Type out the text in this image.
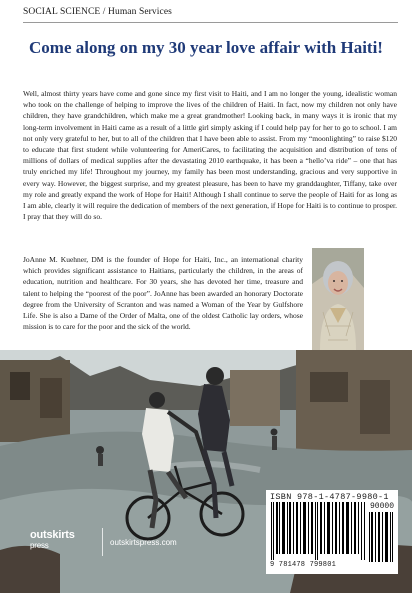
SOCIAL SCIENCE / Human Services
Come along on my 30 year love affair with Haiti!
Well, almost thirty years have come and gone since my first visit to Haiti, and I am no longer the young, idealistic woman who took on the challenge of helping to improve the lives of the children of Haiti. In fact, now my children not only have children, they have grandchildren, which make me a great grandmother! Looking back, in many ways it is ironic that my long-term involvement in Haiti came as a result of a little girl simply asking if I could help pay for her to go to school. I am not only very grateful to her, but to all of the children that I have been able to assist. From my “moonlighting” to raise $120 to educate that first student while volunteering for AmeriCares, to facilitating the acquisition and distribution of tens of millions of dollars of medical supplies after the devastating 2010 earthquake, it has been a “hello’va ride” – one that has truly enriched my life! Throughout my journey, my family has been most understanding, gracious and very supportive in every way. However, the biggest surprise, and my greatest pleasure, has been to have my granddaughter, Tiffany, take over my role and greatly expand the work of Hope for Haiti! Although I shall continue to serve the people of Haiti for as long as I am able, clearly it will require the dedication of members of the next generation, if Hope for Haiti is to continue to prosper. I pray that they will do so.
JoAnne M. Kuehner, DM is the founder of Hope for Haiti, Inc., an international charity which provides significant assistance to Haitians, particularly the children, in the areas of education, nutrition and healthcare. For 30 years, she has devoted her time, treasure and talent to helping the “poorest of the poor”. JoAnne has been awarded an honorary Doctorate degree from the University of Scranton and was named a Woman of the Year by Gulfshore Life. She is also a Dame of the Order of Malta, one of the oldest Catholic lay orders, whose mission is to care for the poor and the sick of the world.
outskirts
press	outskirtspress.com
ISBN 978-1-4787-9980-1
90000
9 781478 799801
